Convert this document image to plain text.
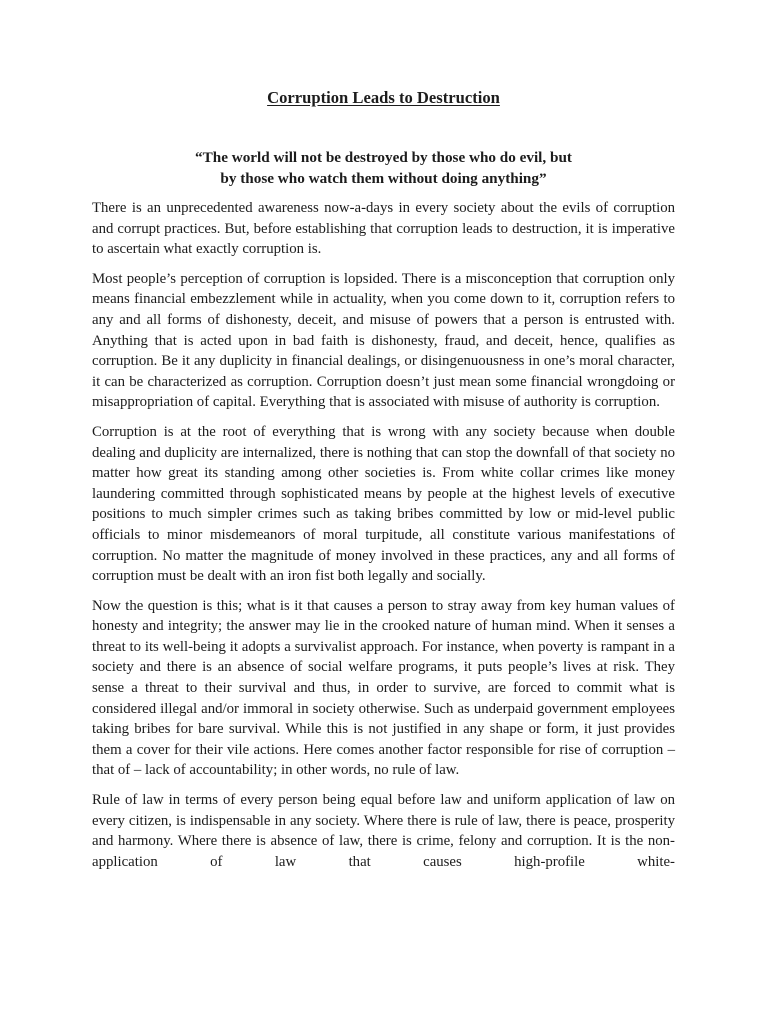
Corruption Leads to Destruction

“The world will not be destroyed by those who do evil, but
by those who watch them without doing anything”

There is an unprecedented awareness now-a-days in every society about the evils of corruption and corrupt practices. But, before establishing that corruption leads to destruction, it is imperative to ascertain what exactly corruption is.

Most people’s perception of corruption is lopsided. There is a misconception that corruption only means financial embezzlement while in actuality, when you come down to it, corruption refers to any and all forms of dishonesty, deceit, and misuse of powers that a person is entrusted with. Anything that is acted upon in bad faith is dishonesty, fraud, and deceit, hence, qualifies as corruption. Be it any duplicity in financial dealings, or disingenuousness in one’s moral character, it can be characterized as corruption. Corruption doesn’t just mean some financial wrongdoing or misappropriation of capital. Everything that is associated with misuse of authority is corruption.

Corruption is at the root of everything that is wrong with any society because when double dealing and duplicity are internalized, there is nothing that can stop the downfall of that society no matter how great its standing among other societies is. From white collar crimes like money laundering committed through sophisticated means by people at the highest levels of executive positions to much simpler crimes such as taking bribes committed by low or mid-level public officials to minor misdemeanors of moral turpitude, all constitute various manifestations of corruption. No matter the magnitude of money involved in these practices, any and all forms of corruption must be dealt with an iron fist both legally and socially.

Now the question is this; what is it that causes a person to stray away from key human values of honesty and integrity; the answer may lie in the crooked nature of human mind. When it senses a threat to its well-being it adopts a survivalist approach. For instance, when poverty is rampant in a society and there is an absence of social welfare programs, it puts people’s lives at risk. They sense a threat to their survival and thus, in order to survive, are forced to commit what is considered illegal and/or immoral in society otherwise. Such as underpaid government employees taking bribes for bare survival. While this is not justified in any shape or form, it just provides them a cover for their vile actions. Here comes another factor responsible for rise of corruption – that of – lack of accountability; in other words, no rule of law.

Rule of law in terms of every person being equal before law and uniform application of law on every citizen, is indispensable in any society. Where there is rule of law, there is peace, prosperity and harmony. Where there is absence of law, there is crime, felony and corruption. It is the non-application of law that causes high-profile white-
